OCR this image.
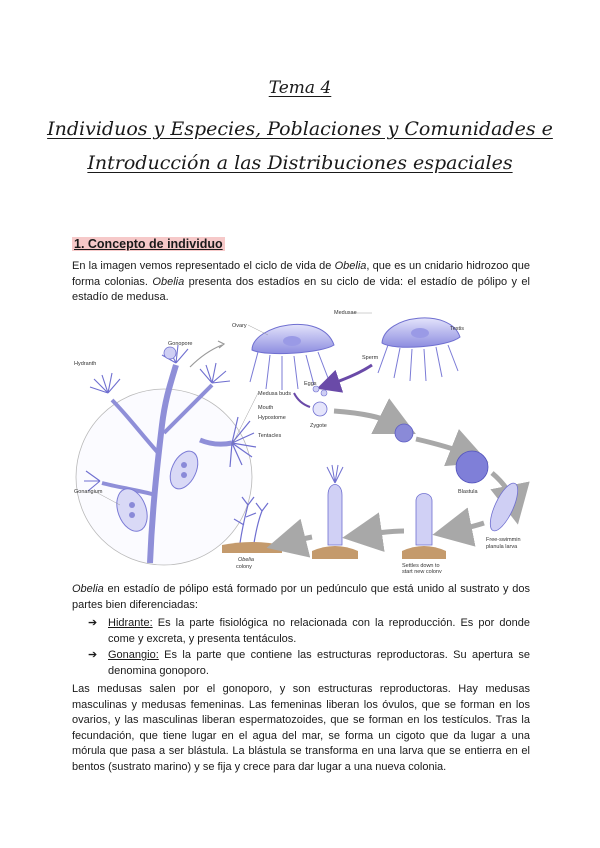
Tema 4
Individuos y Especies, Poblaciones y Comunidades e
Introducción a las Distribuciones espaciales
1. Concepto de individuo
En la imagen vemos representado el ciclo de vida de Obelia, que es un cnidario hidrozoo que forma colonias. Obelia presenta dos estadíos en su ciclo de vida: el estadío de pólipo y el estadío de medusa.
Ovary
Medusae
Testis
Sperm
Eggs
Zygote
Gonopore
Hydranth
Medusa buds
Mouth
Hypostome
Tentacles
Blastula
Gonangium
Free-swimmin
planula larva
Settles down to
start new colony
Obelia
colony
Obelia en estadío de pólipo está formado por un pedúnculo que está unido al sustrato y dos partes bien diferenciadas:
➔ Hidrante: Es la parte fisiológica no relacionada con la reproducción. Es por donde come y excreta, y presenta tentáculos.
➔ Gonangio: Es la parte que contiene las estructuras reproductoras. Su apertura se denomina gonoporo.
Las medusas salen por el gonoporo, y son estructuras reproductoras. Hay medusas masculinas y medusas femeninas. Las femeninas liberan los óvulos, que se forman en los ovarios, y las masculinas liberan espermatozoides, que se forman en los testículos. Tras la fecundación, que tiene lugar en el agua del mar, se forma un cigoto que da lugar a una mórula que pasa a ser blástula. La blástula se transforma en una larva que se entierra en el bentos (sustrato marino) y se fija y crece para dar lugar a una nueva colonia.
